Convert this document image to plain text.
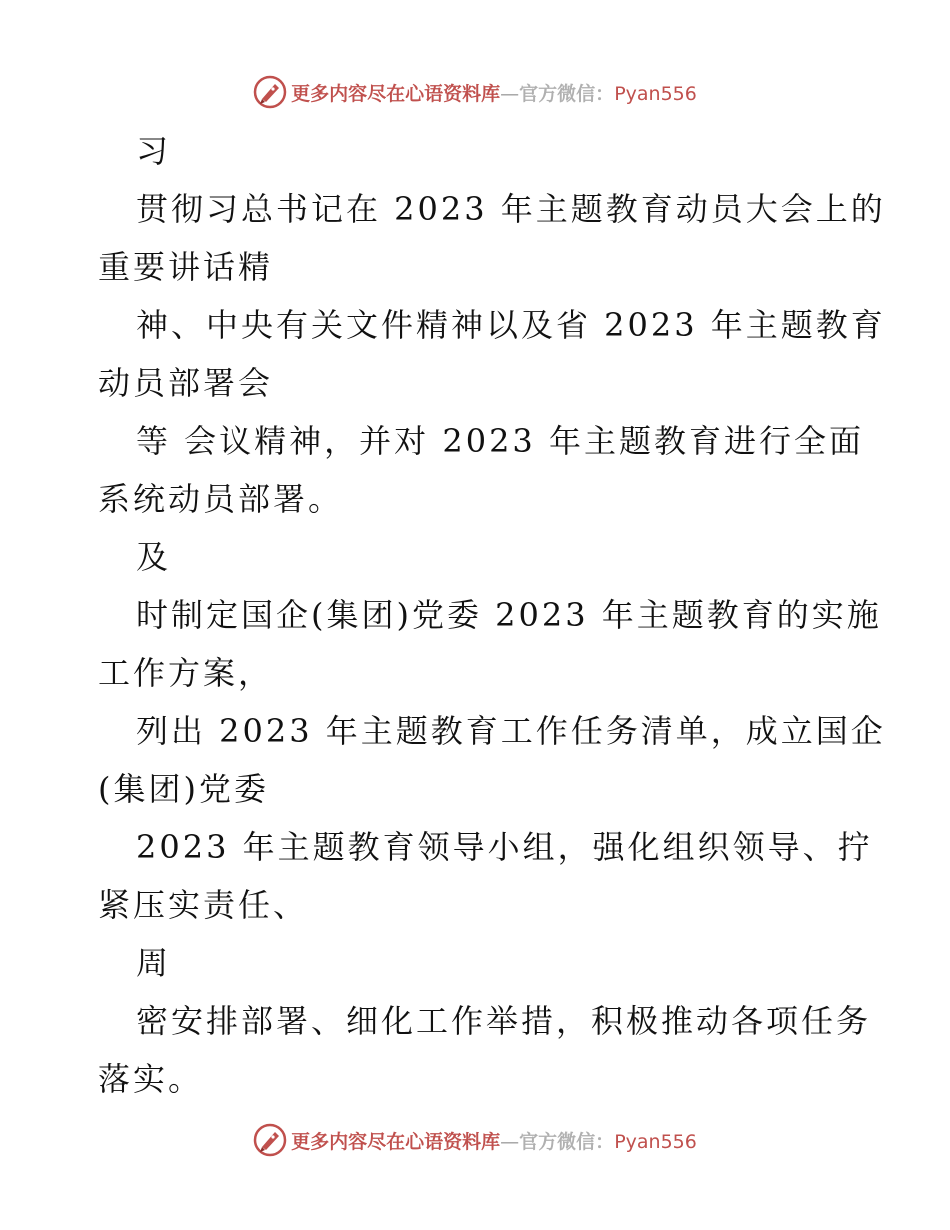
更多内容尽在心语资料库—官方微信：Pyan556
习
贯彻习总书记在 2023 年主题教育动员大会上的
重要讲话精
神、中央有关文件精神以及省 2023 年主题教育
动员部署会
等 会议精神，并对 2023 年主题教育进行全面
系统动员部署。
及
时制定国企(集团)党委 2023 年主题教育的实施
工作方案，
列出 2023 年主题教育工作任务清单，成立国企
(集团)党委
2023 年主题教育领导小组，强化组织领导、拧
紧压实责任、
周
密安排部署、细化工作举措，积极推动各项任务
落实。
更多内容尽在心语资料库—官方微信：Pyan556
